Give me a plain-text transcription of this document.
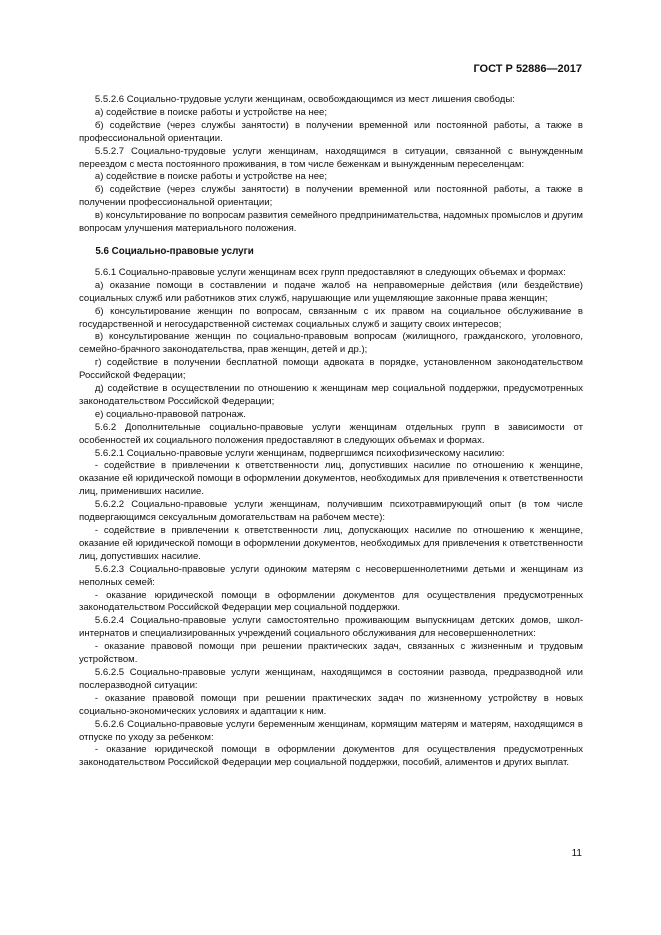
ГОСТ Р 52886—2017

5.5.2.6 Социально-трудовые услуги женщинам, освобождающимся из мест лишения свободы:

а) содействие в поиске работы и устройстве на нее;

б) содействие (через службы занятости) в получении временной или постоянной работы, а также в профессиональной ориентации.

5.5.2.7 Социально-трудовые услуги женщинам, находящимся в ситуации, связанной с вынужденным переездом с места постоянного проживания, в том числе беженкам и вынужденным переселенцам:

а) содействие в поиске работы и устройстве на нее;

б) содействие (через службы занятости) в получении временной или постоянной работы, а также в получении профессиональной ориентации;

в) консультирование по вопросам развития семейного предпринимательства, надомных промыслов и другим вопросам улучшения материального положения.

5.6 Социально-правовые услуги

5.6.1 Социально-правовые услуги женщинам всех групп предоставляют в следующих объемах и формах:

а) оказание помощи в составлении и подаче жалоб на неправомерные действия (или бездействие) социальных служб или работников этих служб, нарушающие или ущемляющие законные права женщин;

б) консультирование женщин по вопросам, связанным с их правом на социальное обслуживание в государственной и негосударственной системах социальных служб и защиту своих интересов;

в) консультирование женщин по социально-правовым вопросам (жилищного, гражданского, уголовного, семейно-брачного законодательства, прав женщин, детей и др.);

г) содействие в получении бесплатной помощи адвоката в порядке, установленном законодательством Российской Федерации;

д) содействие в осуществлении по отношению к женщинам мер социальной поддержки, предусмотренных законодательством Российской Федерации;

е) социально-правовой патронаж.

5.6.2 Дополнительные социально-правовые услуги женщинам отдельных групп в зависимости от особенностей их социального положения предоставляют в следующих объемах и формах.

5.6.2.1 Социально-правовые услуги женщинам, подвергшимся психофизическому насилию:

- содействие в привлечении к ответственности лиц, допустивших насилие по отношению к женщине, оказание ей юридической помощи в оформлении документов, необходимых для привлечения к ответственности лиц, применивших насилие.

5.6.2.2 Социально-правовые услуги женщинам, получившим психотравмирующий опыт (в том числе подвергающимся сексуальным домогательствам на рабочем месте):

- содействие в привлечении к ответственности лиц, допускающих насилие по отношению к женщине, оказание ей юридической помощи в оформлении документов, необходимых для привлечения к ответственности лиц, допустивших насилие.

5.6.2.3 Социально-правовые услуги одиноким матерям с несовершеннолетними детьми и женщинам из неполных семей:

- оказание юридической помощи в оформлении документов для осуществления предусмотренных законодательством Российской Федерации мер социальной поддержки.

5.6.2.4 Социально-правовые услуги самостоятельно проживающим выпускницам детских домов, школ-интернатов и специализированных учреждений социального обслуживания для несовершеннолетних:

- оказание правовой помощи при решении практических задач, связанных с жизненным и трудовым устройством.

5.6.2.5 Социально-правовые услуги женщинам, находящимся в состоянии развода, предразводной или послеразводной ситуации:

- оказание правовой помощи при решении практических задач по жизненному устройству в новых социально-экономических условиях и адаптации к ним.

5.6.2.6 Социально-правовые услуги беременным женщинам, кормящим матерям и матерям, находящимся в отпуске по уходу за ребенком:

- оказание юридической помощи в оформлении документов для осуществления предусмотренных законодательством Российской Федерации мер социальной поддержки, пособий, алиментов и других выплат.

11
